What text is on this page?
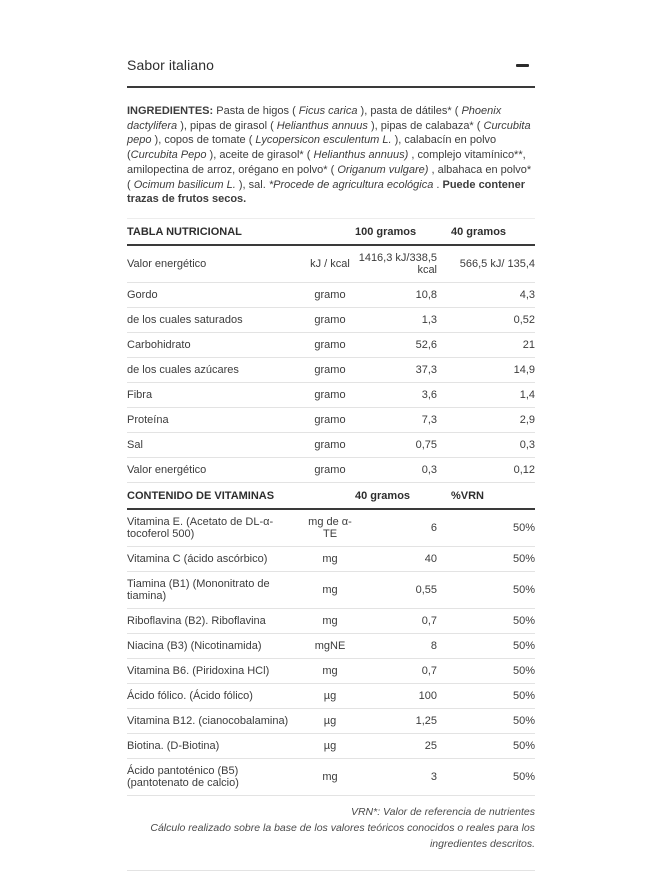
Sabor italiano

INGREDIENTES: Pasta de higos ( Ficus carica ), pasta de dátiles* ( Phoenix dactylifera ), pipas de girasol ( Helianthus annuus ), pipas de calabaza* ( Curcubita pepo ), copos de tomate ( Lycopersicon esculentum L. ), calabacín en polvo (Curcubita Pepo ), aceite de girasol* ( Helianthus annuus) , complejo vitamínico**, amilopectina de arroz, orégano en polvo* ( Origanum vulgare) , albahaca en polvo* ( Ocimum basilicum L. ), sal. *Procede de agricultura ecológica . Puede contener trazas de frutos secos.

TABLA NUTRICIONAL		100 gramos	40 gramos
Valor energético	kJ / kcal	1416,3 kJ/338,5 kcal	566,5 kJ/ 135,4
Gordo	gramo	10,8	4,3
de los cuales saturados	gramo	1,3	0,52
Carbohidrato	gramo	52,6	21
de los cuales azúcares	gramo	37,3	14,9
Fibra	gramo	3,6	1,4
Proteína	gramo	7,3	2,9
Sal	gramo	0,75	0,3
Valor energético	gramo	0,3	0,12
CONTENIDO DE VITAMINAS		40 gramos	%VRN
Vitamina E. (Acetato de DL-α-tocoferol 500)	mg de α-TE	6	50%
Vitamina C (ácido ascórbico)	mg	40	50%
Tiamina (B1) (Mononitrato de tiamina)	mg	0,55	50%
Riboflavina (B2). Riboflavina	mg	0,7	50%
Niacina (B3) (Nicotinamida)	mgNE	8	50%
Vitamina B6. (Piridoxina HCl)	mg	0,7	50%
Ácido fólico. (Ácido fólico)	µg	100	50%
Vitamina B12. (cianocobalamina)	µg	1,25	50%
Biotina. (D-Biotina)	µg	25	50%
Ácido pantoténico (B5) (pantotenato de calcio)	mg	3	50%
VRN*: Valor de referencia de nutrientes
Cálculo realizado sobre la base de los valores teóricos conocidos o reales para los ingredientes descritos.
